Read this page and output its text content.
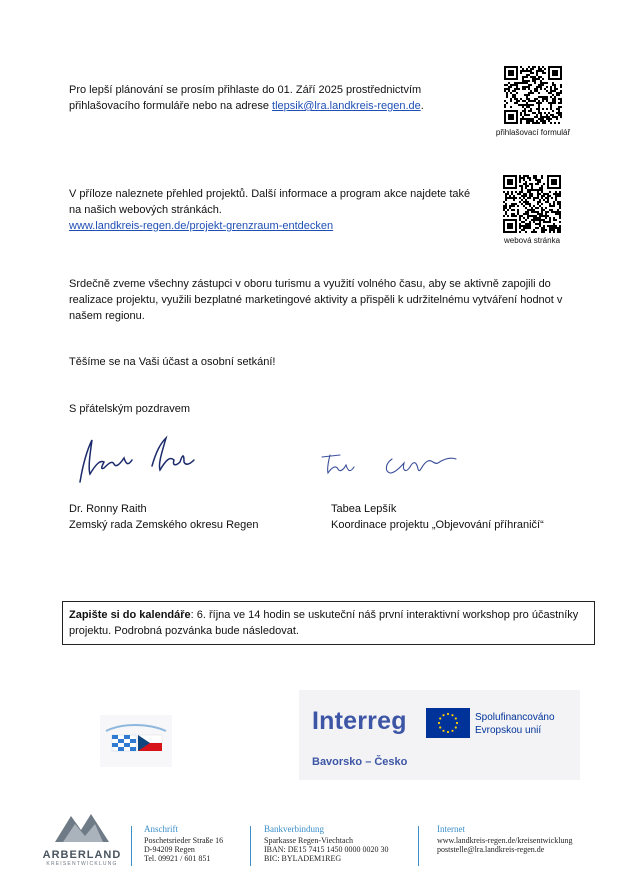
Pro lepší plánování se prosím přihlaste do 01. Září 2025 prostřednictvím přihlašovacího formuláře nebo na adrese tlepsik@lra.landkreis-regen.de.
přihlašovací formulář
V příloze naleznete přehled projektů. Další informace a program akce najdete také na našich webových stránkách.
www.landkreis-regen.de/projekt-grenzraum-entdecken
webová stránka
Srdečně zveme všechny zástupci v oboru turismu a využití volného času, aby se aktivně zapojili do realizace projektu, využili bezplatné marketingové aktivity a přispěli k udržitelnému vytváření hodnot v našem regionu.
Těšíme se na Vaši účast a osobní setkání!
S přátelským pozdravem
Dr. Ronny Raith
Zemský rada Zemského okresu Regen
Tabea Lepšík
Koordinace projektu „Objevování příhraničí“
Zapište si do kalendáře: 6. října ve 14 hodin se uskuteční náš první interaktivní workshop pro účastníky projektu. Podrobná pozvánka bude následovat.
Interreg	Spolufinancováno
Evropskou unií
Bavorsko – Česko
ARBERLAND
KREISENTWICKLUNG
Anschrift
Poschetsrieder Straße 16
D-94209 Regen
Tel. 09921 / 601 851
Bankverbindung
Sparkasse Regen-Viechtach
IBAN: DE15 7415 1450 0000 0020 30
BIC: BYLADEM1REG
Internet
www.landkreis-regen.de/kreisentwicklung
poststelle@lra.landkreis-regen.de
